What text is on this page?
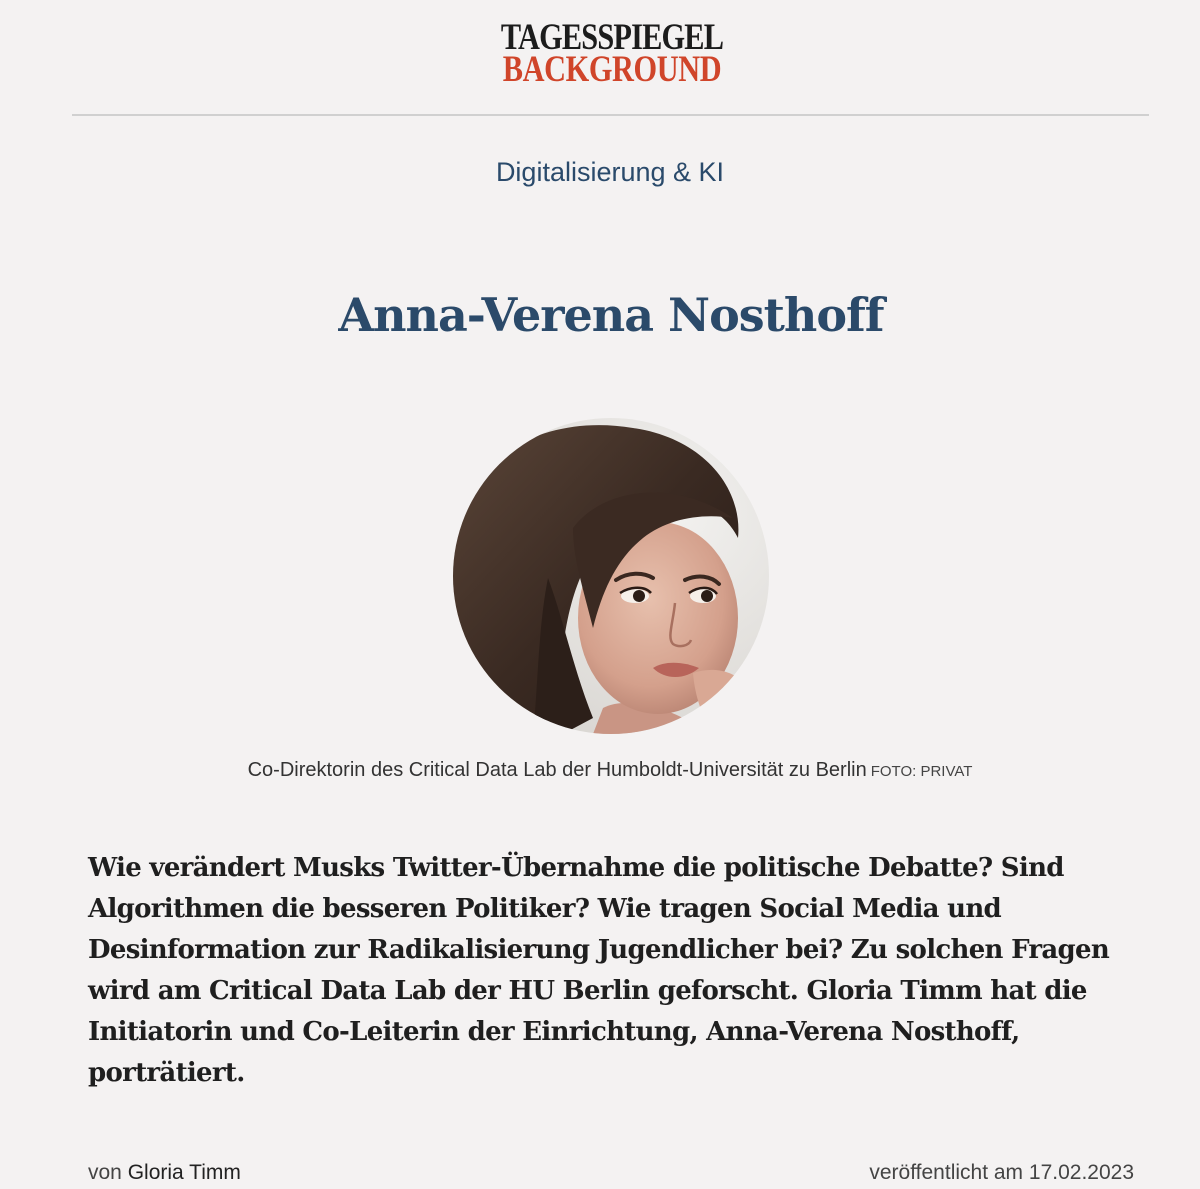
TAGESSPIEGEL
BACKGROUND
Digitalisierung & KI
Anna-Verena Nosthoff
Co-Direktorin des Critical Data Lab der Humboldt-Universität zu Berlin FOTO: PRIVAT

Wie verändert Musks Twitter-Übernahme die politische Debatte? Sind Algorithmen die besseren Politiker? Wie tragen Social Media und Desinformation zur Radikalisierung Jugendlicher bei? Zu solchen Fragen wird am Critical Data Lab der HU Berlin geforscht. Gloria Timm hat die Initiatorin und Co-Leiterin der Einrichtung, Anna-Verena Nosthoff, porträtiert.

von Gloria Timm	veröffentlicht am 17.02.2023
